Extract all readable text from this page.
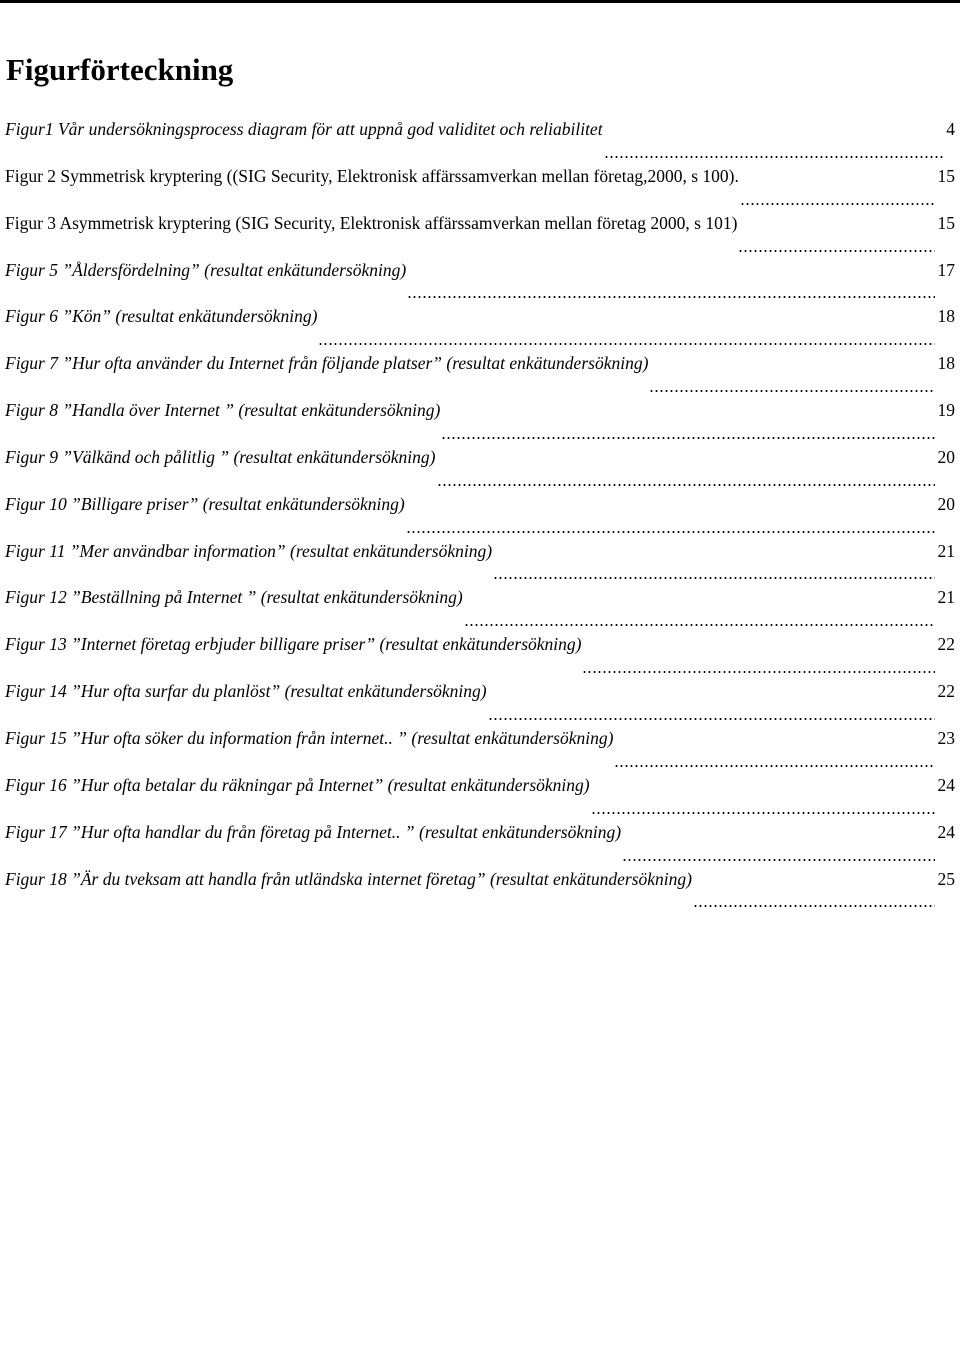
Figurförteckning
Figur1 Vår undersökningsprocess diagram för att uppnå god validitet och reliabilitet	4
Figur 2 Symmetrisk kryptering ((SIG Security, Elektronisk affärssamverkan mellan företag,2000, s 100).	15
Figur 3 Asymmetrisk kryptering (SIG Security, Elektronisk affärssamverkan mellan företag 2000, s 101)	15
Figur 5 ”Åldersfördelning” (resultat enkätundersökning)	17
Figur 6 ”Kön” (resultat enkätundersökning)	18
Figur 7 ”Hur ofta använder du Internet från följande platser” (resultat enkätundersökning)	18
Figur 8 ”Handla över Internet ” (resultat enkätundersökning)	19
Figur 9 ”Välkänd och pålitlig ” (resultat enkätundersökning)	20
Figur 10 ”Billigare priser” (resultat enkätundersökning)	20
Figur 11 ”Mer användbar information” (resultat enkätundersökning)	21
Figur 12 ”Beställning på Internet ” (resultat enkätundersökning)	21
Figur 13 ”Internet företag erbjuder billigare priser” (resultat enkätundersökning)	22
Figur 14 ”Hur ofta surfar du planlöst” (resultat enkätundersökning)	22
Figur 15 ”Hur ofta söker du information från internet.. ” (resultat enkätundersökning)	23
Figur 16 ”Hur ofta betalar du räkningar på Internet” (resultat enkätundersökning)	24
Figur 17 ”Hur ofta handlar du från företag på Internet.. ” (resultat enkätundersökning)	24
Figur 18 ”Är du tveksam att handla från utländska internet företag” (resultat enkätundersökning)	25
